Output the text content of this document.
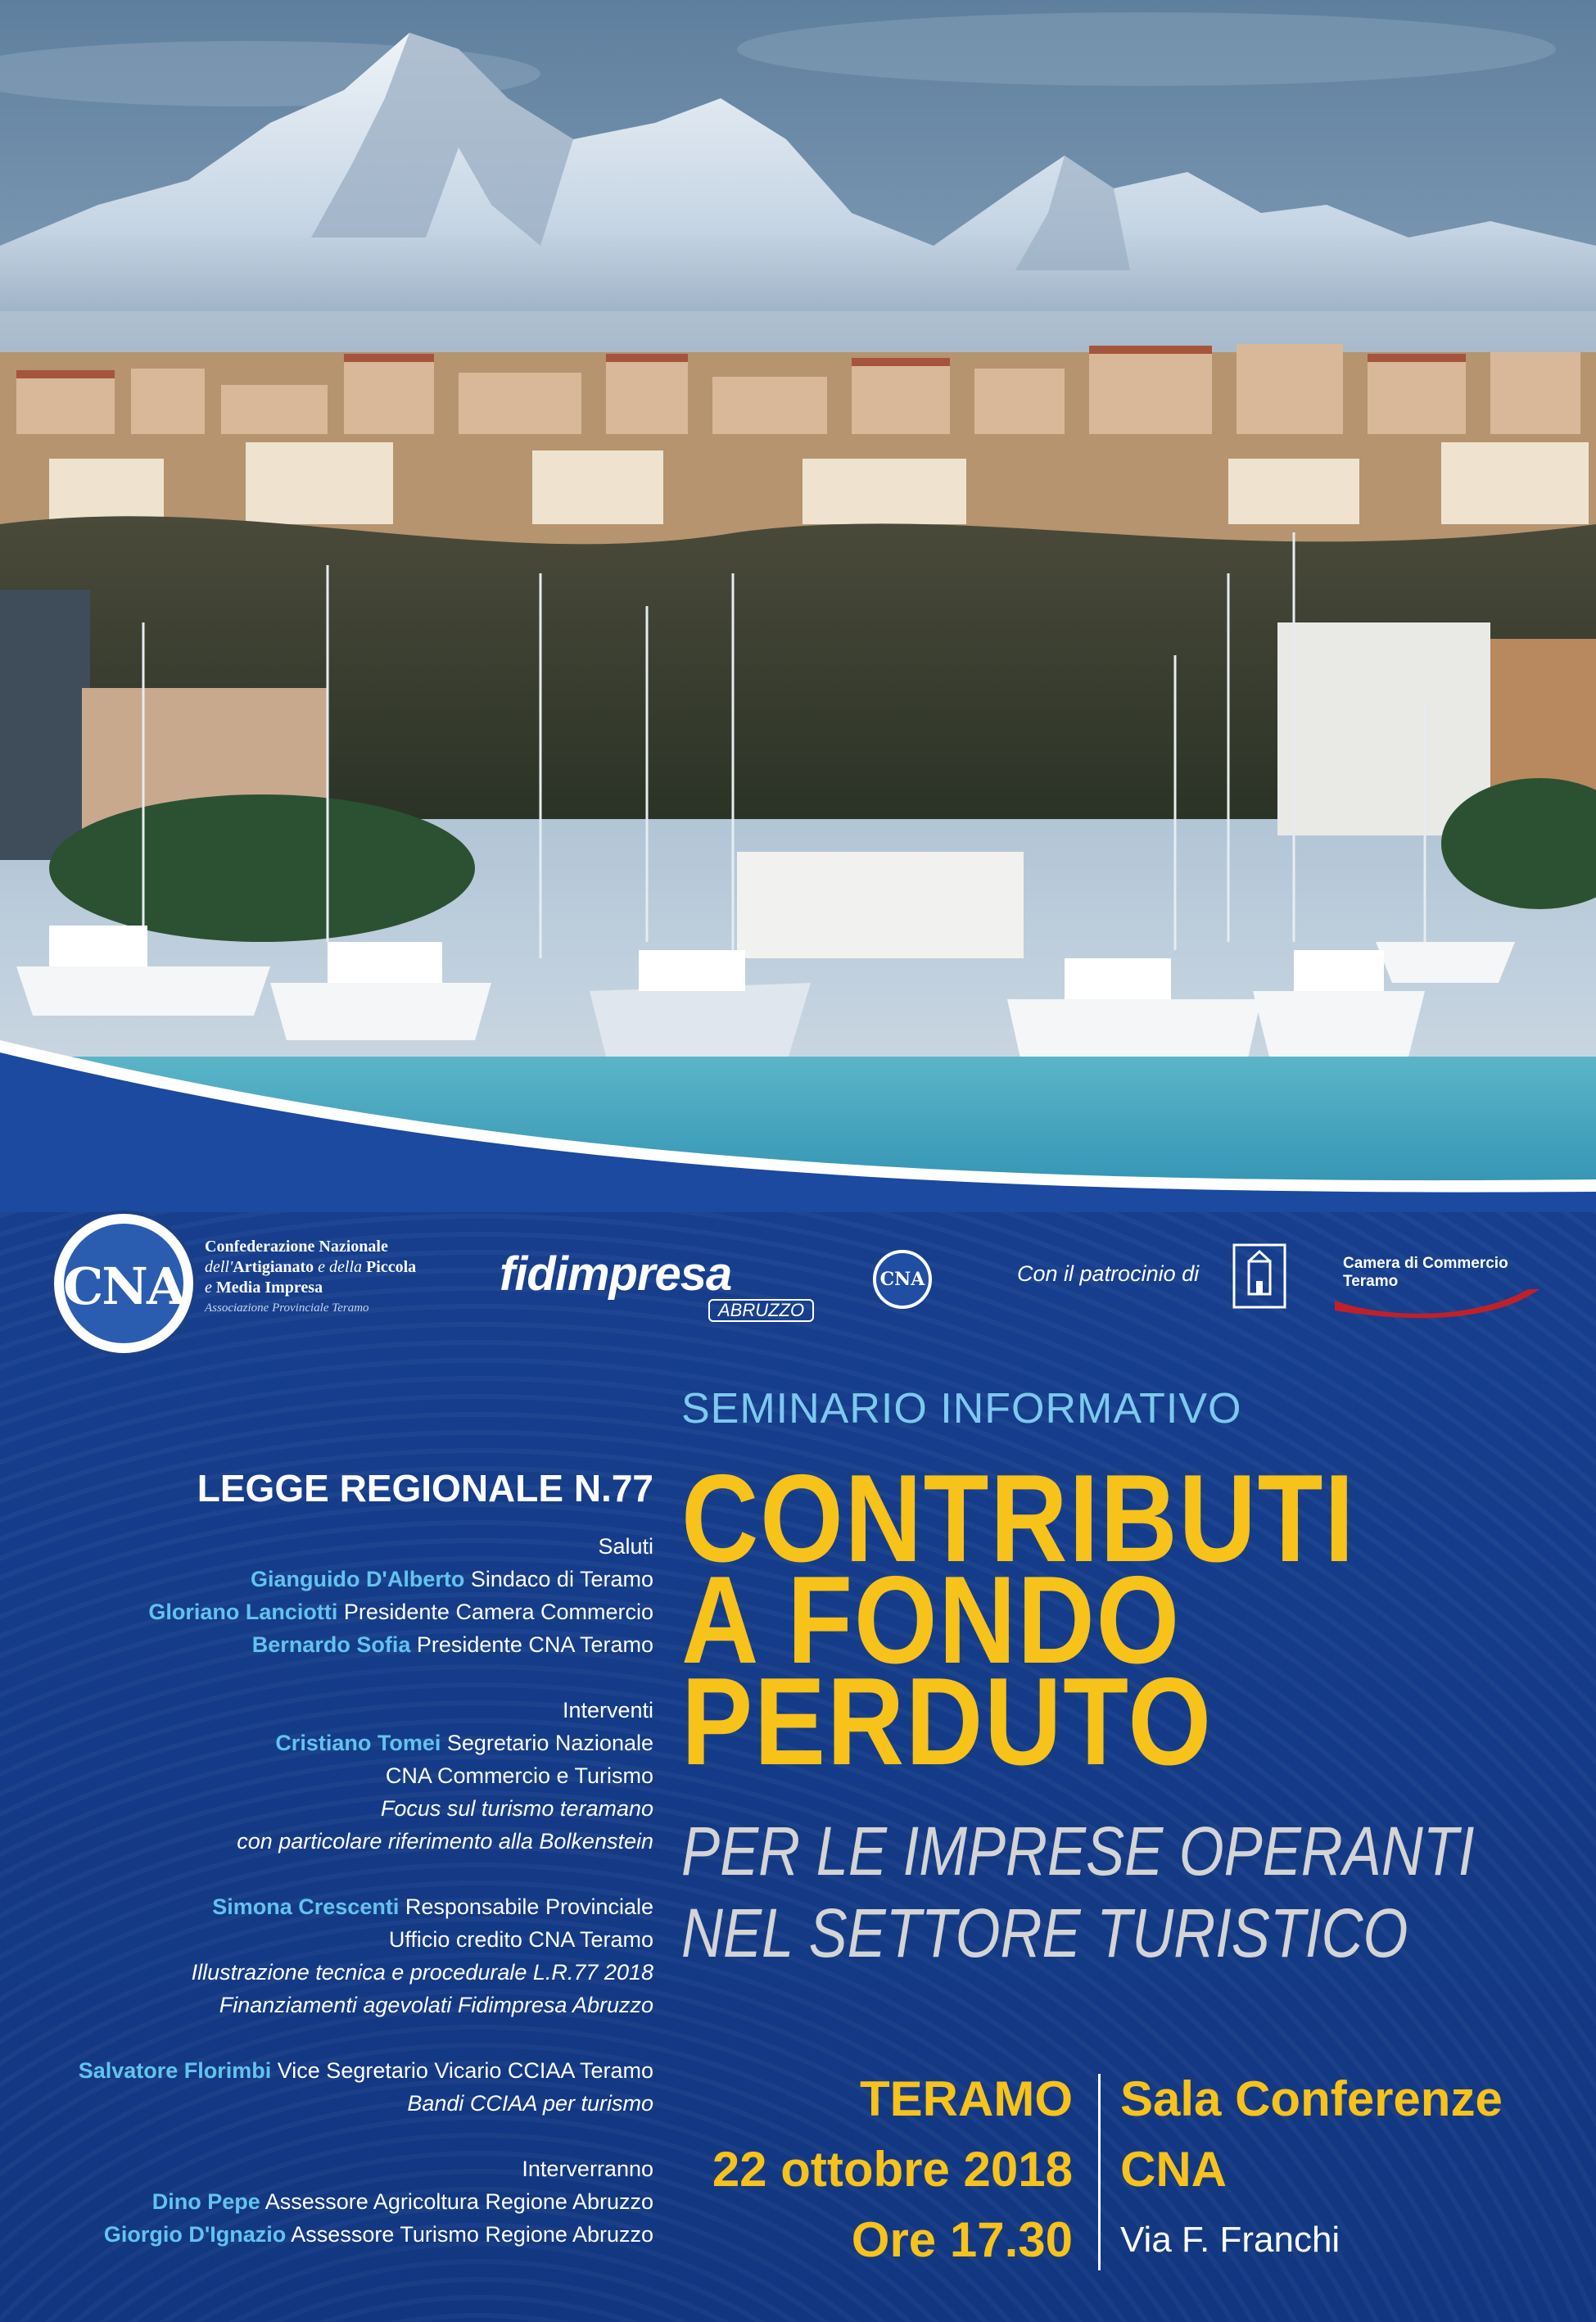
CNA
Confederazione Nazionale
dell'Artigianato e della Piccola
e Media Impresa
Associazione Provinciale Teramo
fidimpresa
ABRUZZO
CNA	Con il patrocinio di	Camera di Commercio
Teramo
SEMINARIO INFORMATIVO
CONTRIBUTI
A FONDO
PERDUTO
PER LE IMPRESE OPERANTI
NEL SETTORE TURISTICO
LEGGE REGIONALE N.77
Saluti
Gianguido D'Alberto Sindaco di Teramo
Gloriano Lanciotti Presidente Camera Commercio
Bernardo Sofia Presidente CNA Teramo
Interventi
Cristiano Tomei Segretario Nazionale
CNA Commercio e Turismo
Focus sul turismo teramano
con particolare riferimento alla Bolkenstein
Simona Crescenti Responsabile Provinciale
Ufficio credito CNA Teramo
Illustrazione tecnica e procedurale L.R.77 2018
Finanziamenti agevolati Fidimpresa Abruzzo
Salvatore Florimbi Vice Segretario Vicario CCIAA Teramo
Bandi CCIAA per turismo
Interverranno
Dino Pepe Assessore Agricoltura Regione Abruzzo
Giorgio D'Ignazio Assessore Turismo Regione Abruzzo
TERAMO
22 ottobre 2018
Ore 17.30
Sala Conferenze
CNA
Via F. Franchi
